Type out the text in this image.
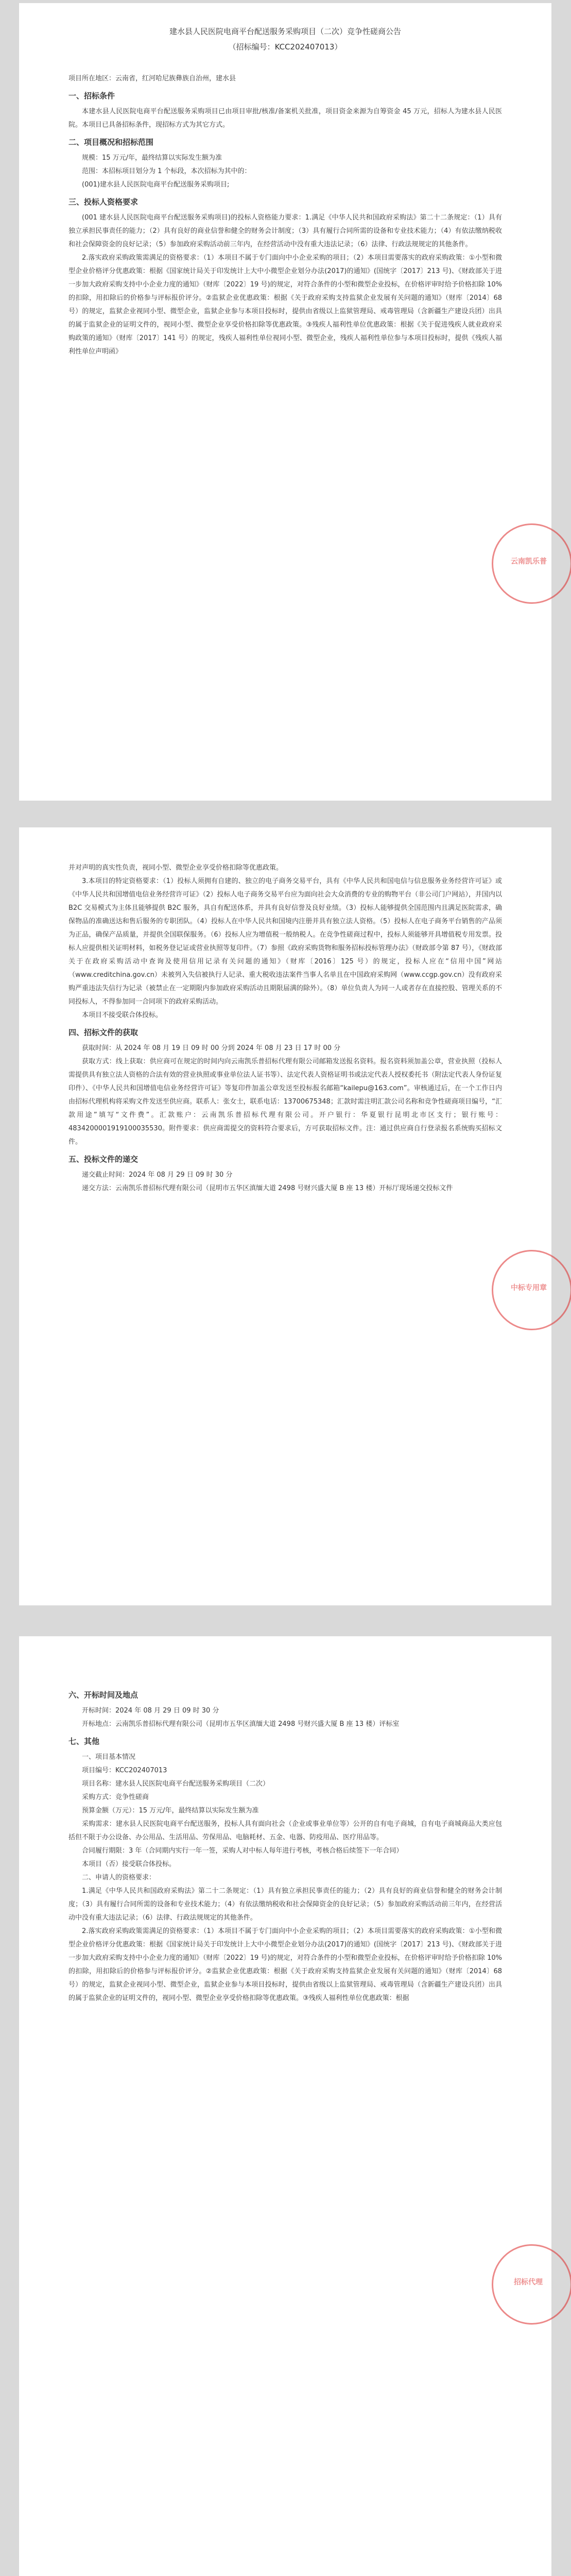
建水县人民医院电商平台配送服务采购项目（二次）竞争性磋商公告

（招标编号：KCC202407013）

项目所在地区：云南省，红河哈尼族彝族自治州，建水县

一、招标条件

本建水县人民医院电商平台配送服务采购项目已由项目审批/核准/备案机关批准，项目资金来源为自筹资金 45 万元，招标人为建水县人民医院。本项目已具备招标条件，现招标方式为其它方式。

二、项目概况和招标范围

规模：15 万元/年，最终结算以实际发生额为准

范围：本招标项目划分为 1 个标段，本次招标为其中的：

(001)建水县人民医院电商平台配送服务采购项目;

三、投标人资格要求

(001 建水县人民医院电商平台配送服务采购项目)的投标人资格能力要求：1.满足《中华人民共和国政府采购法》第二十二条规定：（1）具有独立承担民事责任的能力；（2）具有良好的商业信誉和健全的财务会计制度；（3）具有履行合同所需的设备和专业技术能力；（4）有依法缴纳税收和社会保障资金的良好记录；（5）参加政府采购活动前三年内，在经营活动中没有重大违法记录；（6）法律、行政法规规定的其他条件。

2.落实政府采购政策需满足的资格要求：（1）本项目不属于专门面向中小企业采购的项目；（2）本项目需要落实的政府采购政策：①小型和微型企业价格评分优惠政策：根据《国家统计局关于印发统计上大中小微型企业划分办法(2017)的通知》(国统字〔2017〕213 号)、《财政部关于进一步加大政府采购支持中小企业力度的通知》（财库〔2022〕19 号)的规定，对符合条件的小型和微型企业投标，在价格评审时给予价格扣除 10%的扣除，用扣除后的价格参与评标报价评分。②监狱企业优惠政策：根据《关于政府采购支持监狱企业发展有关问题的通知》（财库〔2014〕68 号）的规定，监狱企业视同小型、微型企业，监狱企业参与本项目投标时，提供由省级以上监狱管理局、戒毒管理局（含新疆生产建设兵团）出具的属于监狱企业的证明文件的，视同小型、微型企业享受价格扣除等优惠政策。③残疾人福利性单位优惠政策：根据《关于促进残疾人就业政府采购政策的通知》（财库〔2017〕141 号）的规定，残疾人福利性单位视同小型、微型企业，残疾人福利性单位参与本项目投标时，提供《残疾人福利性单位声明函》

云南凯乐普

并对声明的真实性负责，视同小型、微型企业享受价格扣除等优惠政策。

3.本项目的特定资格要求：（1）投标人须拥有自建的、独立的电子商务交易平台，具有《中华人民共和国电信与信息服务业务经营许可证》或《中华人民共和国增值电信业务经营许可证》（2）投标人电子商务交易平台应为面向社会大众消费的专业的购物平台（非公司门户网站），并国内以 B2C 交易模式为主体且能够提供 B2C 服务，具自有配送体系，并具有良好信誉及良好业绩。（3）投标人能够提供全国范围内且满足医院需求，确保物品的准确送达和售后服务的专职团队。（4）投标人在中华人民共和国境内注册并具有独立法人资格。（5）投标人在电子商务平台销售的产品须为正品，确保产品质量，并提供全国联保服务。（6）投标人应为增值税一般纳税人。在竞争性磋商过程中，投标人须能够开具增值税专用发票。投标人应提供相关证明材料，如税务登记证或营业执照等复印件。（7）参照《政府采购货物和服务招标投标管理办法》（财政部令第 87 号），《财政部关于在政府采购活动中查询及使用信用记录有关问题的通知》（财库〔2016〕125 号）的规定，投标人应在“信用中国”网站（www.creditchina.gov.cn）未被列入失信被执行人记录、重大税收违法案件当事人名单且在中国政府采购网（www.ccgp.gov.cn）没有政府采购严重违法失信行为记录（被禁止在一定期限内参加政府采购活动且期限届满的除外）。（8）单位负责人为同一人或者存在直接控股、管理关系的不同投标人，不得参加同一合同项下的政府采购活动。

本项目不接受联合体投标。

四、招标文件的获取

获取时间：从 2024 年 08 月 19 日 09 时 00 分到 2024 年 08 月 23 日 17 时 00 分

获取方式：线上获取：供应商可在规定的时间内向云南凯乐普招标代理有限公司邮箱发送报名资料。报名资料须加盖公章，营业执照（投标人需提供具有独立法人资格的合法有效的营业执照或事业单位法人证书等）、法定代表人资格证明书或法定代表人授权委托书（附法定代表人身份证复印件）、《中华人民共和国增值电信业务经营许可证》等复印件加盖公章发送至投标报名邮箱“kailepu@163.com”。审核通过后，在一个工作日内由招标代理机构将采购文件发送至供应商。联系人：张女士，联系电话：13700675348；汇款时需注明汇款公司名称和竞争性磋商项目编号，“汇款用途”填写“文件费”。汇款账户：云南凯乐普招标代理有限公司。开户银行：华夏银行昆明北市区支行；银行账号：4834200001919100035530。附件要求：供应商需提交的资料符合要求后，方可获取招标文件。注：通过供应商自行登录报名系统购买招标文件。

五、投标文件的递交

递交截止时间：2024 年 08 月 29 日 09 时 30 分

递交方法：云南凯乐普招标代理有限公司（昆明市五华区滇缅大道 2498 号财兴盛大厦 B 座 13 楼）开标厅现场递交投标文件

中标专用章
六、开标时间及地点

开标时间：2024 年 08 月 29 日 09 时 30 分

开标地点：云南凯乐普招标代理有限公司（昆明市五华区滇缅大道 2498 号财兴盛大厦 B 座 13 楼）评标室

七、其他

一、项目基本情况

项目编号：KCC202407013

项目名称：建水县人民医院电商平台配送服务采购项目（二次）

采购方式：竞争性磋商

预算金额（万元）：15 万元/年，最终结算以实际发生额为准

采购需求：建水县人民医院电商平台配送服务，投标人具有面向社会（企业或事业单位等）公开的自有电子商城，自有电子商城商品大类应包括但不限于办公设备、办公用品、生活用品、劳保用品、电脑耗材、五金、电器、防疫用品、医疗用品等。

合同履行期限：3 年（合同期内实行一年一签，采购人对中标人每年进行考核，考核合格后续签下一年合同）

本项目（否）接受联合体投标。

二、申请人的资格要求：

1.满足《中华人民共和国政府采购法》第二十二条规定：（1）具有独立承担民事责任的能力；（2）具有良好的商业信誉和健全的财务会计制度；（3）具有履行合同所需的设备和专业技术能力；（4）有依法缴纳税收和社会保障资金的良好记录；（5）参加政府采购活动前三年内，在经营活动中没有重大违法记录；（6）法律、行政法规规定的其他条件。

2.落实政府采购政策需满足的资格要求：（1）本项目不属于专门面向中小企业采购的项目；（2）本项目需要落实的政府采购政策：①小型和微型企业价格评分优惠政策：根据《国家统计局关于印发统计上大中小微型企业划分办法(2017)的通知》(国统字〔2017〕213 号)、《财政部关于进一步加大政府采购支持中小企业力度的通知》（财库〔2022〕19 号)的规定，对符合条件的小型和微型企业投标，在价格评审时给予价格扣除 10%的扣除，用扣除后的价格参与评标报价评分。②监狱企业优惠政策：根据《关于政府采购支持监狱企业发展有关问题的通知》（财库〔2014〕68 号）的规定，监狱企业视同小型、微型企业，监狱企业参与本项目投标时，提供由省级以上监狱管理局、戒毒管理局（含新疆生产建设兵团）出具的属于监狱企业的证明文件的，视同小型、微型企业享受价格扣除等优惠政策。③残疾人福利性单位优惠政策：根据

招标代理
